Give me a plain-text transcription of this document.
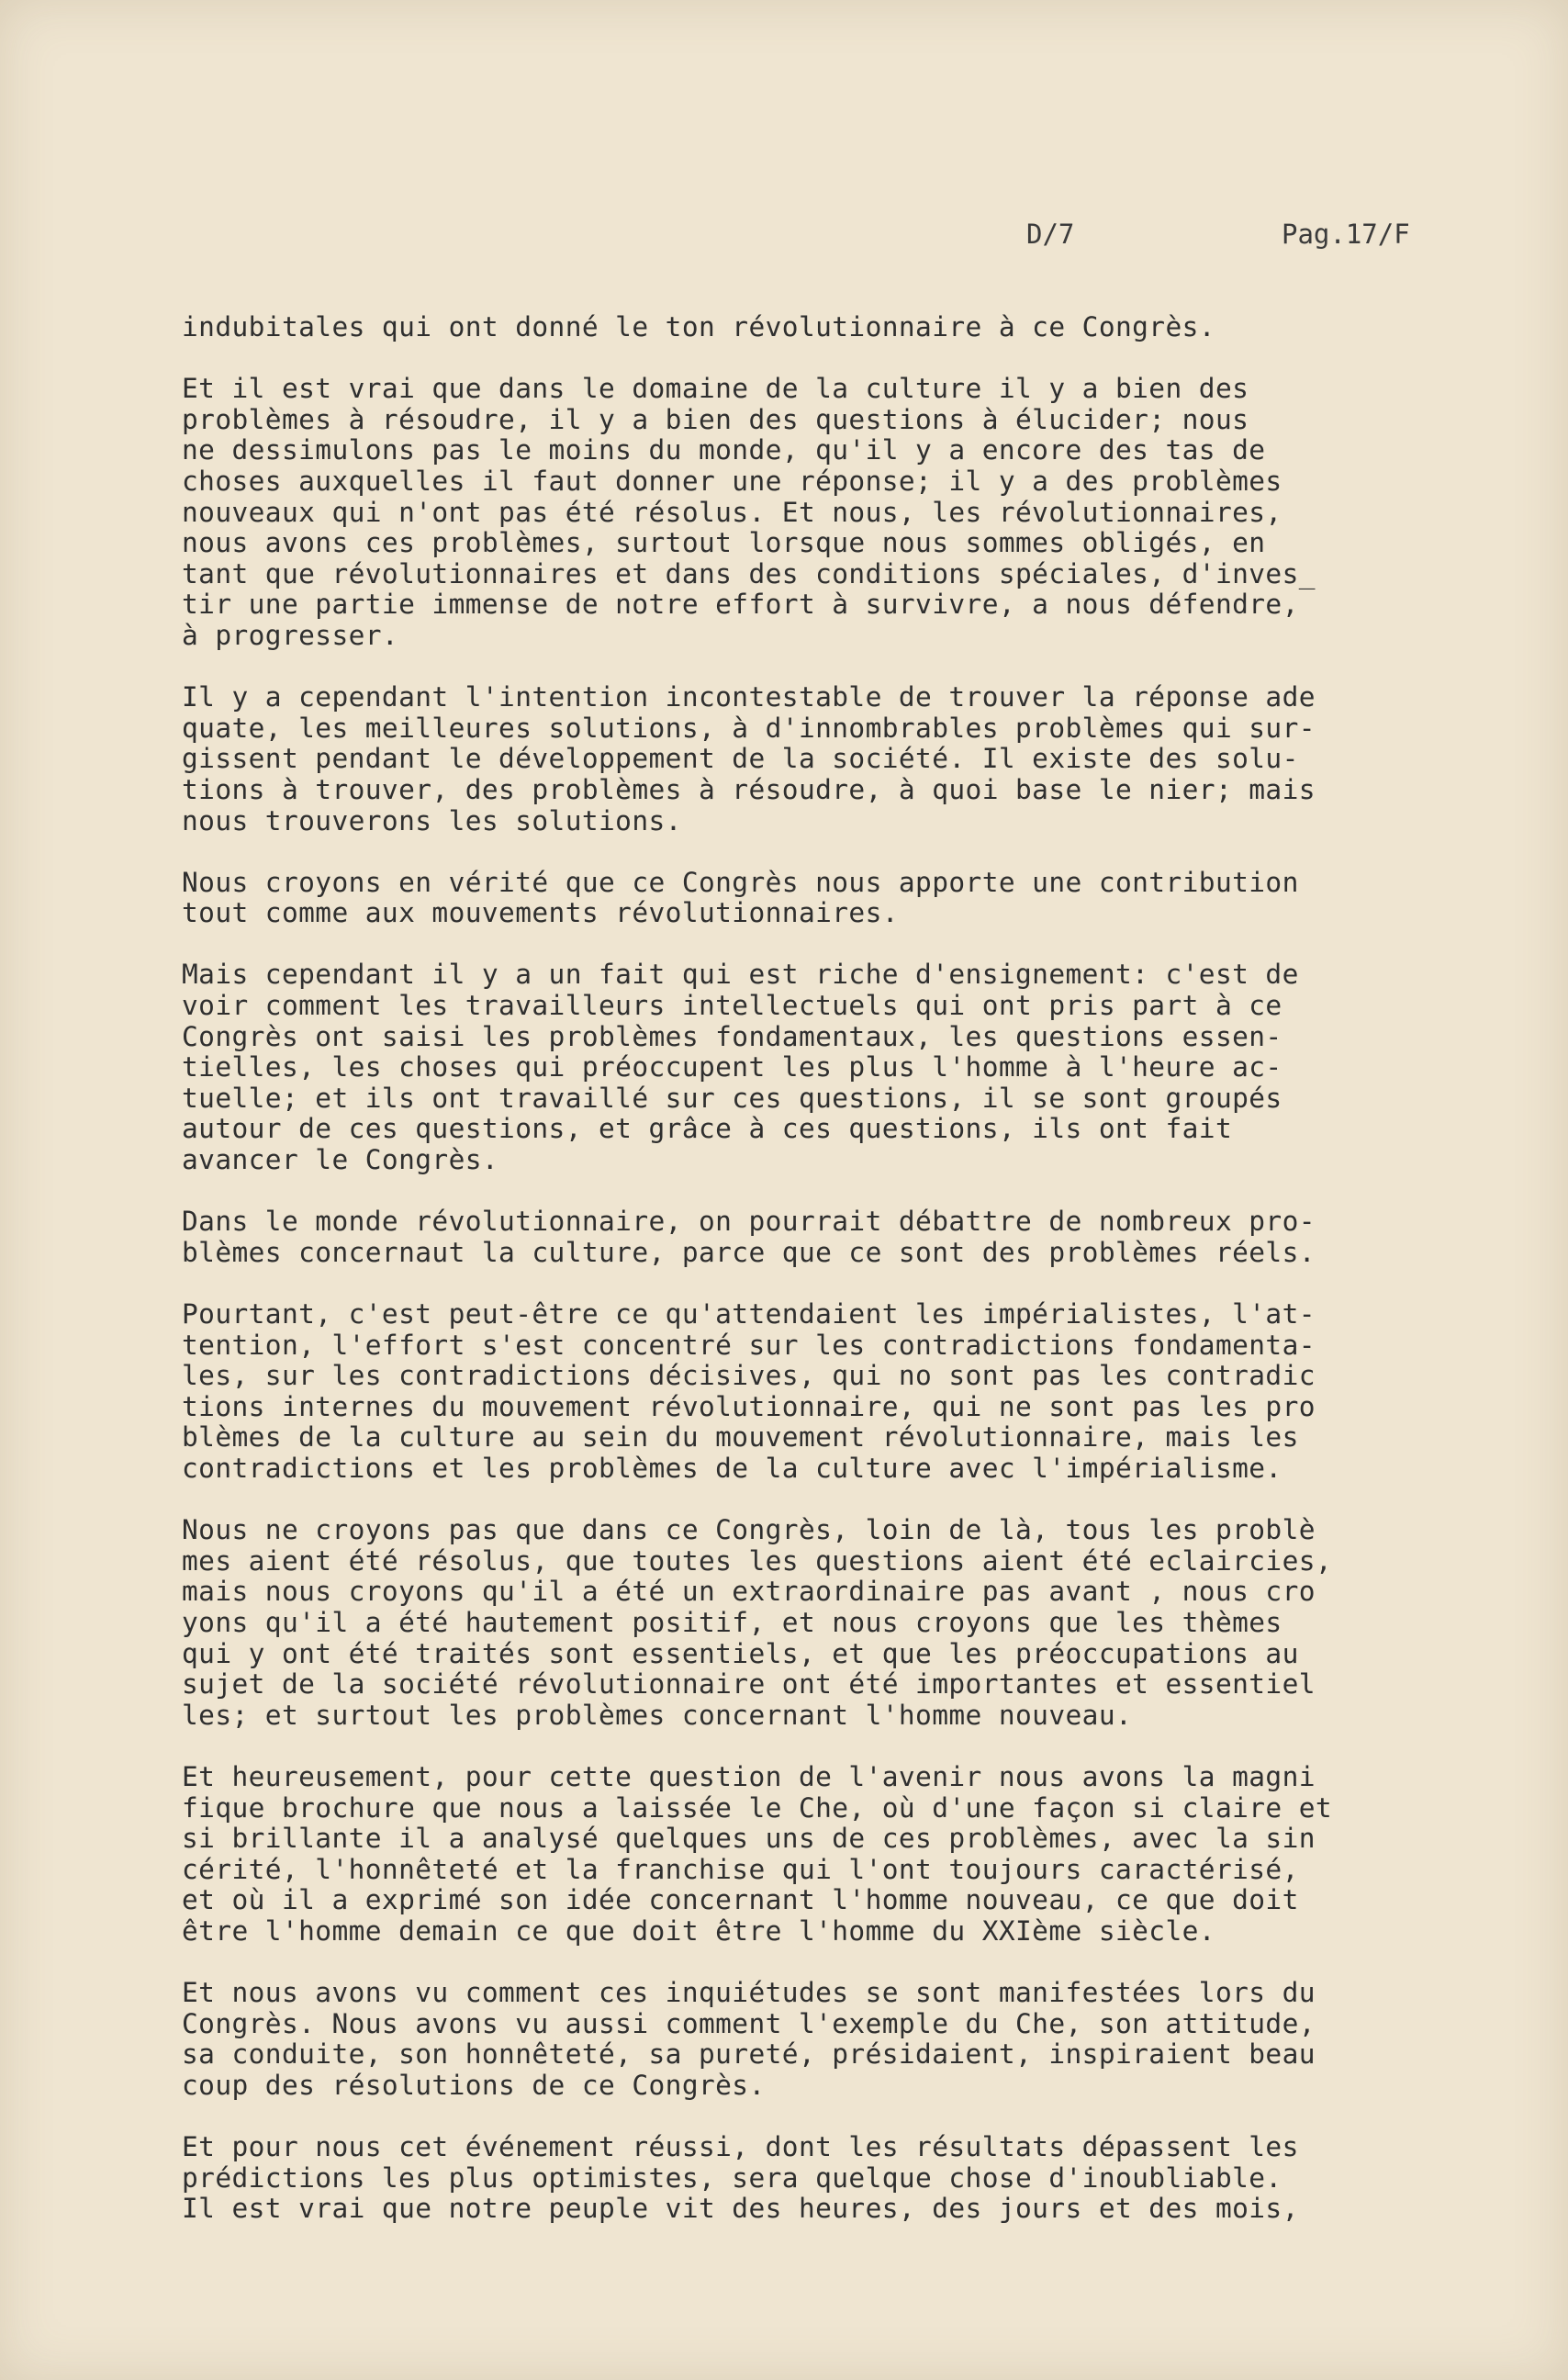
D/7	Pag.17/F
indubitales qui ont donné le ton révolutionnaire à ce Congrès.
Et il est vrai que dans le domaine de la culture il y a bien des
problèmes à résoudre, il y a bien des questions à élucider; nous
ne dessimulons pas le moins du monde, qu'il y a encore des tas de
choses auxquelles il faut donner une réponse; il y a des problèmes
nouveaux qui n'ont pas été résolus. Et nous, les révolutionnaires,
nous avons ces problèmes, surtout lorsque nous sommes obligés, en
tant que révolutionnaires et dans des conditions spéciales, d'inves_
tir une partie immense de notre effort à survivre, a nous défendre,
à progresser.
Il y a cependant l'intention incontestable de trouver la réponse ade
quate, les meilleures solutions, à d'innombrables problèmes qui sur-
gissent pendant le développement de la société. Il existe des solu-
tions à trouver, des problèmes à résoudre, à quoi base le nier; mais
nous trouverons les solutions.
Nous croyons en vérité que ce Congrès nous apporte une contribution
tout comme aux mouvements révolutionnaires.
Mais cependant il y a un fait qui est riche d'ensignement: c'est de
voir comment les travailleurs intellectuels qui ont pris part à ce
Congrès ont saisi les problèmes fondamentaux, les questions essen-
tielles, les choses qui préoccupent les plus l'homme à l'heure ac-
tuelle; et ils ont travaillé sur ces questions, il se sont groupés
autour de ces questions, et grâce à ces questions, ils ont fait
avancer le Congrès.
Dans le monde révolutionnaire, on pourrait débattre de nombreux pro-
blèmes concernaut la culture, parce que ce sont des problèmes réels.
Pourtant, c'est peut-être ce qu'attendaient les impérialistes, l'at-
tention, l'effort s'est concentré sur les contradictions fondamenta-
les, sur les contradictions décisives, qui no sont pas les contradic
tions internes du mouvement révolutionnaire, qui ne sont pas les pro
blèmes de la culture au sein du mouvement révolutionnaire, mais les
contradictions et les problèmes de la culture avec l'impérialisme.
Nous ne croyons pas que dans ce Congrès, loin de là, tous les problè
mes aient été résolus, que toutes les questions aient été eclaircies,
mais nous croyons qu'il a été un extraordinaire pas avant , nous cro
yons qu'il a été hautement positif, et nous croyons que les thèmes
qui y ont été traités sont essentiels, et que les préoccupations au
sujet de la société révolutionnaire ont été importantes et essentiel
les; et surtout les problèmes concernant l'homme nouveau.
Et heureusement, pour cette question de l'avenir nous avons la magni
fique brochure que nous a laissée le Che, où d'une façon si claire et
si brillante il a analysé quelques uns de ces problèmes, avec la sin
cérité, l'honnêteté et la franchise qui l'ont toujours caractérisé,
et où il a exprimé son idée concernant l'homme nouveau, ce que doit
être l'homme demain ce que doit être l'homme du XXIème siècle.
Et nous avons vu comment ces inquiétudes se sont manifestées lors du
Congrès. Nous avons vu aussi comment l'exemple du Che, son attitude,
sa conduite, son honnêteté, sa pureté, présidaient, inspiraient beau
coup des résolutions de ce Congrès.
Et pour nous cet événement réussi, dont les résultats dépassent les
prédictions les plus optimistes, sera quelque chose d'inoubliable.
Il est vrai que notre peuple vit des heures, des jours et des mois,
